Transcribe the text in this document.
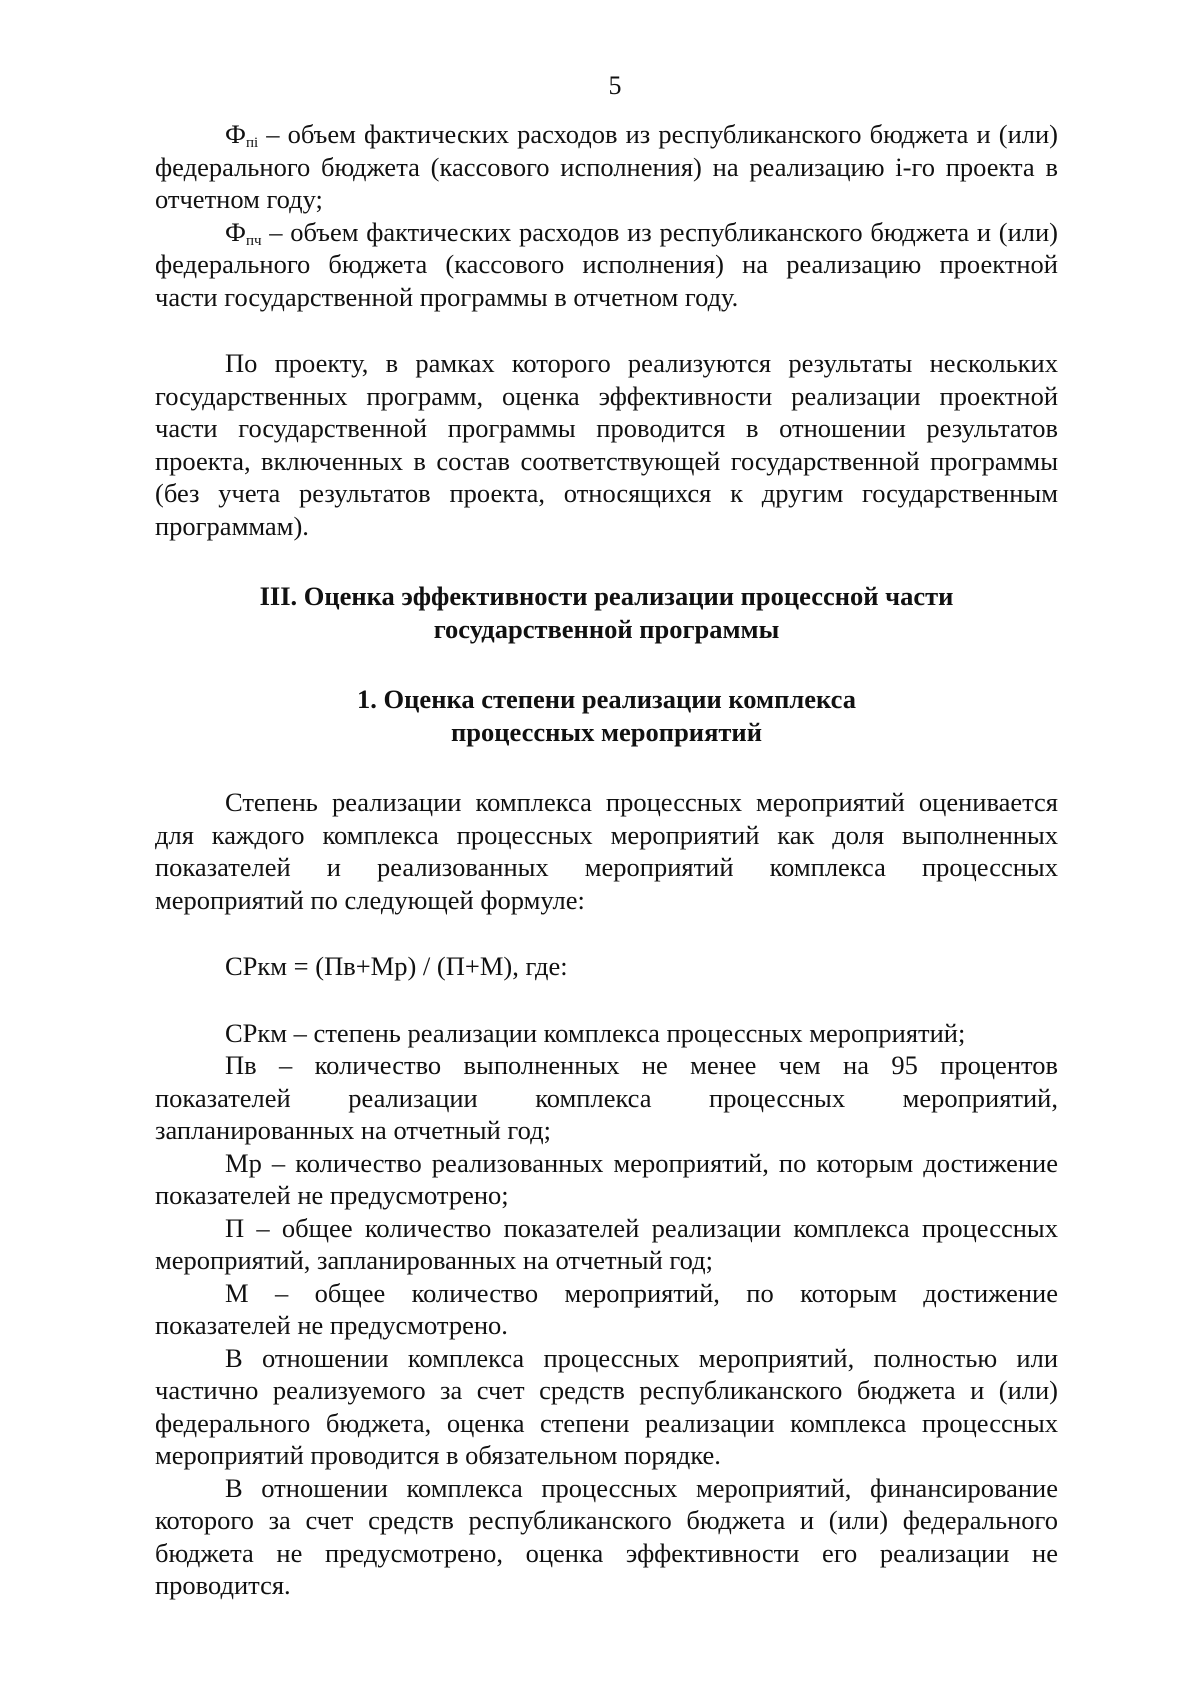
5

$Ф_{пi}$ – объем фактических расходов из республиканского бюджета и (или) федерального бюджета (кассового исполнения) на реализацию i-го проекта в отчетном году;

$Ф_{пч}$ – объем фактических расходов из республиканского бюджета и (или) федерального бюджета (кассового исполнения) на реализацию проектной части государственной программы в отчетном году.

По проекту, в рамках которого реализуются результаты нескольких государственных программ, оценка эффективности реализации проектной части государственной программы проводится в отношении результатов проекта, включенных в состав соответствующей государственной программы (без учета результатов проекта, относящихся к другим государственным программам).

III. Оценка эффективности реализации процессной части
государственной программы
1. Оценка степени реализации комплекса
процессных мероприятий

Степень реализации комплекса процессных мероприятий оценивается для каждого комплекса процессных мероприятий как доля выполненных показателей и реализованных мероприятий комплекса процессных мероприятий по следующей формуле:

СРкм = (Пв+Мр) / (П+М), где:

СРкм – степень реализации комплекса процессных мероприятий;

Пв – количество выполненных не менее чем на 95 процентов показателей реализации комплекса процессных мероприятий, запланированных на отчетный год;

Мр – количество реализованных мероприятий, по которым достижение показателей не предусмотрено;

П – общее количество показателей реализации комплекса процессных мероприятий, запланированных на отчетный год;

М – общее количество мероприятий, по которым достижение показателей не предусмотрено.

В отношении комплекса процессных мероприятий, полностью или частично реализуемого за счет средств республиканского бюджета и (или) федерального бюджета, оценка степени реализации комплекса процессных мероприятий проводится в обязательном порядке.

В отношении комплекса процессных мероприятий, финансирование которого за счет средств республиканского бюджета и (или) федерального бюджета не предусмотрено, оценка эффективности его реализации не проводится.
